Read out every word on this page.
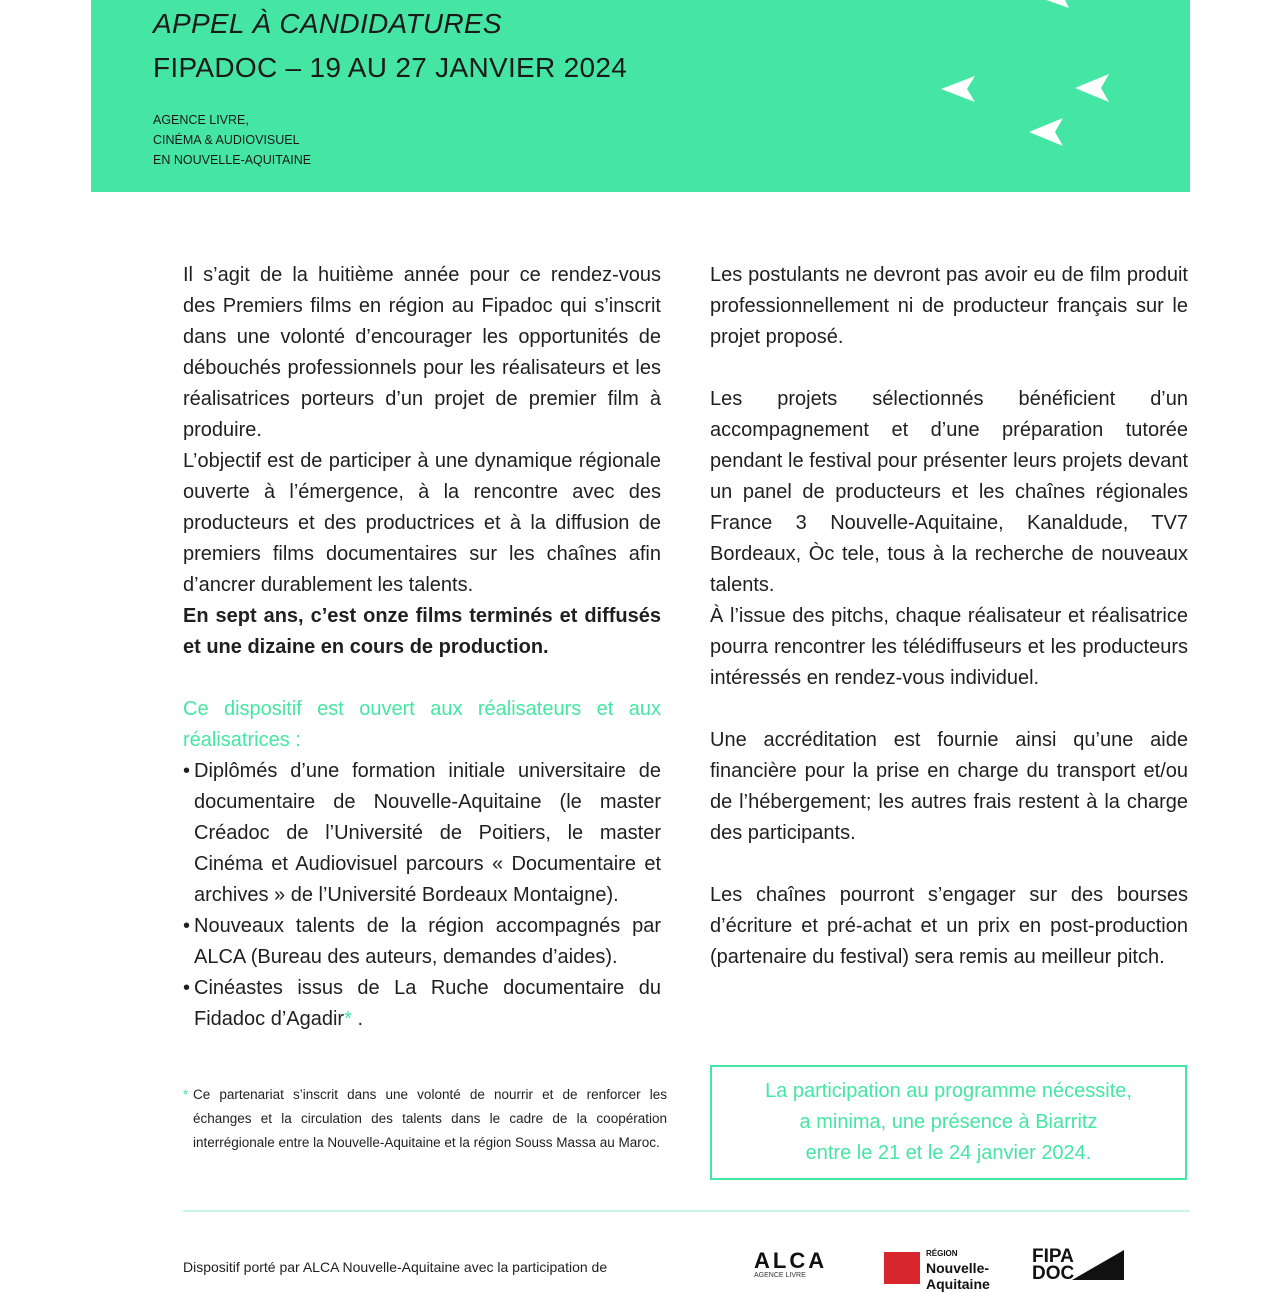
APPEL À CANDIDATURES
FIPADOC – 19 AU 27 JANVIER 2024
AGENCE LIVRE,
CINÉMA & AUDIOVISUEL
EN NOUVELLE-AQUITAINE

Il s’agit de la huitième année pour ce rendez-vous des Premiers films en région au Fipadoc qui s’inscrit dans une volonté d’encourager les opportunités de débouchés professionnels pour les réalisateurs et les réalisatrices porteurs d’un projet de premier film à produire.

L’objectif est de participer à une dynamique régionale ouverte à l’émergence, à la rencontre avec des producteurs et des productrices et à la diffusion de premiers films documentaires sur les chaînes afin d’ancrer durablement les talents.

En sept ans, c’est onze films terminés et diffusés et une dizaine en cours de production.

Ce dispositif est ouvert aux réalisateurs et aux réalisatrices :

• Diplômés d’une formation initiale universitaire de documentaire de Nouvelle-Aquitaine (le master Créadoc de l’Université de Poitiers, le master Cinéma et Audiovisuel parcours « Documentaire et archives » de l’Université Bordeaux Montaigne).
• Nouveaux talents de la région accompagnés par ALCA (Bureau des auteurs, demandes d’aides).
• Cinéastes issus de La Ruche documentaire du Fidadoc d’Agadir* .
* Ce partenariat s’inscrit dans une volonté de nourrir et de renforcer les échanges et la circulation des talents dans le cadre de la coopération interrégionale entre la Nouvelle-Aquitaine et la région Souss Massa au Maroc.

Les postulants ne devront pas avoir eu de film produit professionnellement ni de producteur français sur le projet proposé.

Les projets sélectionnés bénéficient d’un accompagnement et d’une préparation tutorée pendant le festival pour présenter leurs projets devant un panel de producteurs et les chaînes régionales France 3 Nouvelle-Aquitaine, Kanaldude, TV7 Bordeaux, Òc tele, tous à la recherche de nouveaux talents.

À l’issue des pitchs, chaque réalisateur et réalisatrice pourra rencontrer les télédiffuseurs et les producteurs intéressés en rendez-vous individuel.

Une accréditation est fournie ainsi qu’une aide financière pour la prise en charge du transport et/ou de l’hébergement; les autres frais restent à la charge des participants.

Les chaînes pourront s’engager sur des bourses d’écriture et pré-achat et un prix en post-production (partenaire du festival) sera remis au meilleur pitch.

La participation au programme nécessite,
a minima, une présence à Biarritz
entre le 21 et le 24 janvier 2024.
Dispositif porté par ALCA Nouvelle-Aquitaine avec la participation de	ALCA
AGENCE LIVRE
RÉGION
Nouvelle-
Aquitaine
FIPA
DOC
